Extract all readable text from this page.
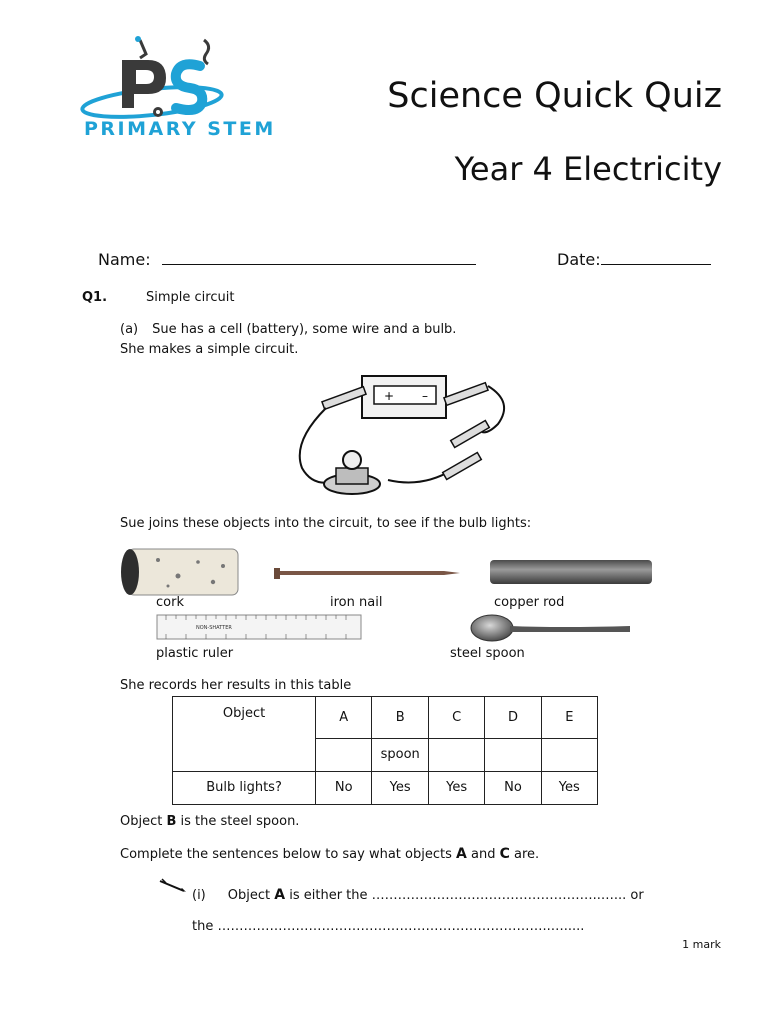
PRIMARY STEM
Science Quick Quiz
Year 4 Electricity
Name:	Date:
Q1.	Simple circuit
(a) Sue has a cell (battery), some wire and a bulb.
She makes a simple circuit.
+ –
Sue joins these objects into the circuit, to see if the bulb lights:
cork	iron nail	copper rod
NON-SHATTER
plastic ruler	steel spoon
She records her results in this table
Object	A	B	C	D	E
		spoon			
Bulb lights?	No	Yes	Yes	No	Yes
Object B is the steel spoon.
Complete the sentences below to say what objects A and C are.
(i) Object A is either the ……………………………………………..…... or
the …………………………………………………………………..….....
1 mark
